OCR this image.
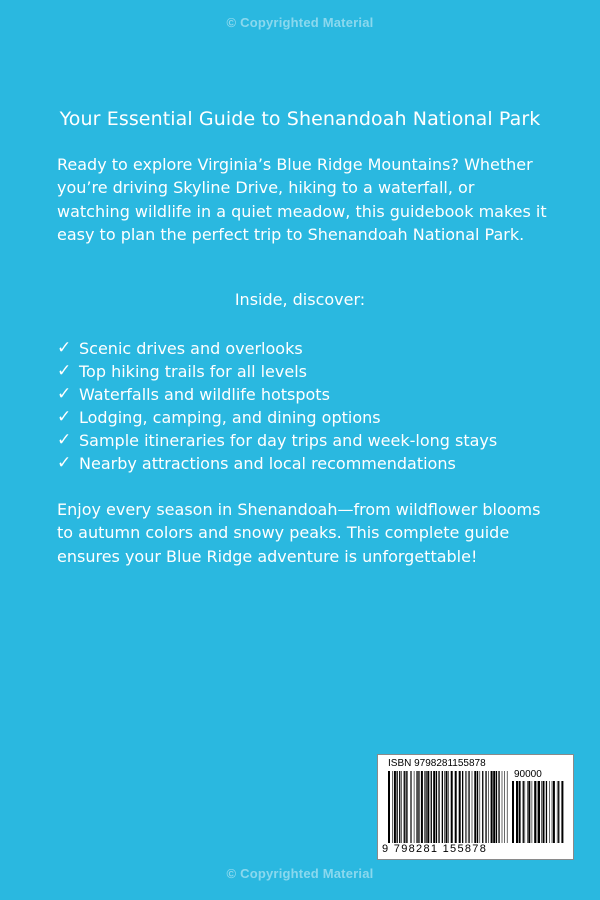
© Copyrighted Material
Your Essential Guide to Shenandoah National Park

Ready to explore Virginia’s Blue Ridge Mountains? Whether you’re driving Skyline Drive, hiking to a waterfall, or watching wildlife in a quiet meadow, this guidebook makes it easy to plan the perfect trip to Shenandoah National Park.

Inside, discover:

✓ Scenic drives and overlooks
✓ Top hiking trails for all levels
✓ Waterfalls and wildlife hotspots
✓ Lodging, camping, and dining options
✓ Sample itineraries for day trips and week-long stays
✓ Nearby attractions and local recommendations

Enjoy every season in Shenandoah—from wildflower blooms to autumn colors and snowy peaks. This complete guide ensures your Blue Ridge adventure is unforgettable!

ISBN 9798281155878
90000
9 798281 155878
© Copyrighted Material
